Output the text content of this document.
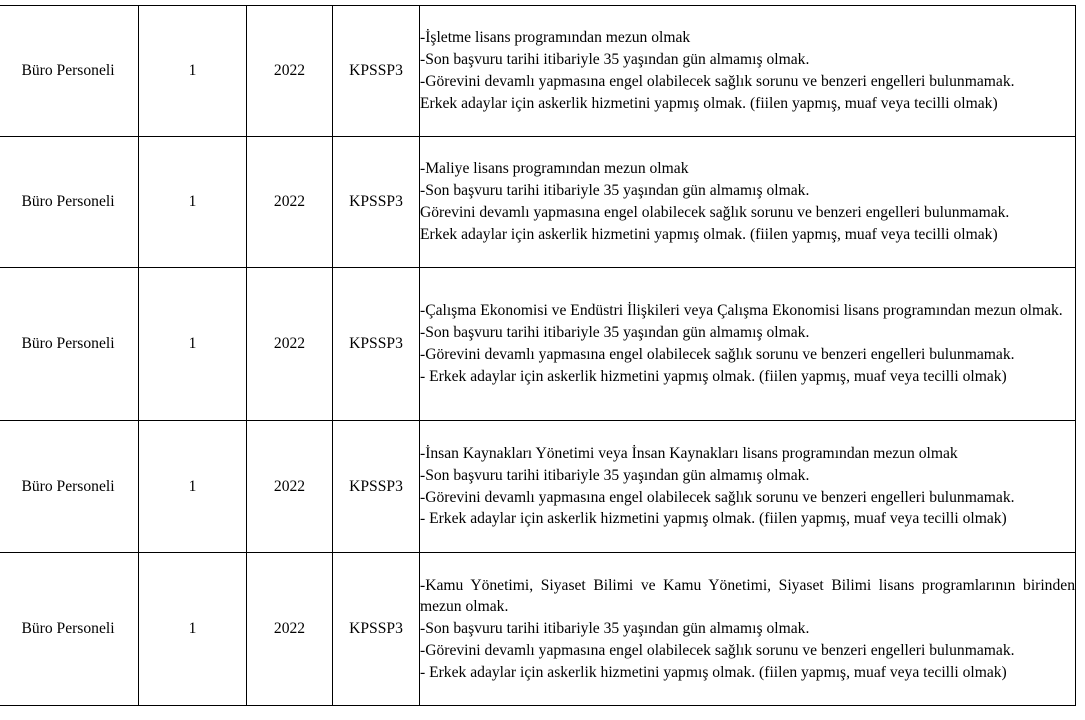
Büro Personeli	1	2022	KPSSP3	-İşletme lisans programından mezun olmak
-Son başvuru tarihi itibariyle 35 yaşından gün almamış olmak.
-Görevini devamlı yapmasına engel olabilecek sağlık sorunu ve benzeri engelleri bulunmamak.
Erkek adaylar için askerlik hizmetini yapmış olmak. (fiilen yapmış, muaf veya tecilli olmak)

Büro Personeli	1	2022	KPSSP3	-Maliye lisans programından mezun olmak
-Son başvuru tarihi itibariyle 35 yaşından gün almamış olmak.
Görevini devamlı yapmasına engel olabilecek sağlık sorunu ve benzeri engelleri bulunmamak.
Erkek adaylar için askerlik hizmetini yapmış olmak. (fiilen yapmış, muaf veya tecilli olmak)

Büro Personeli	1	2022	KPSSP3	-Çalışma Ekonomisi ve Endüstri İlişkileri veya Çalışma Ekonomisi lisans programından mezun olmak.
-Son başvuru tarihi itibariyle 35 yaşından gün almamış olmak.
-Görevini devamlı yapmasına engel olabilecek sağlık sorunu ve benzeri engelleri bulunmamak.
- Erkek adaylar için askerlik hizmetini yapmış olmak. (fiilen yapmış, muaf veya tecilli olmak)

Büro Personeli	1	2022	KPSSP3	-İnsan Kaynakları Yönetimi veya İnsan Kaynakları lisans programından mezun olmak
-Son başvuru tarihi itibariyle 35 yaşından gün almamış olmak.
-Görevini devamlı yapmasına engel olabilecek sağlık sorunu ve benzeri engelleri bulunmamak.
- Erkek adaylar için askerlik hizmetini yapmış olmak. (fiilen yapmış, muaf veya tecilli olmak)

Büro Personeli	1	2022	KPSSP3	-Kamu Yönetimi, Siyaset Bilimi ve Kamu Yönetimi, Siyaset Bilimi lisans programlarının birinden mezun olmak.
-Son başvuru tarihi itibariyle 35 yaşından gün almamış olmak.
-Görevini devamlı yapmasına engel olabilecek sağlık sorunu ve benzeri engelleri bulunmamak.
- Erkek adaylar için askerlik hizmetini yapmış olmak. (fiilen yapmış, muaf veya tecilli olmak)
